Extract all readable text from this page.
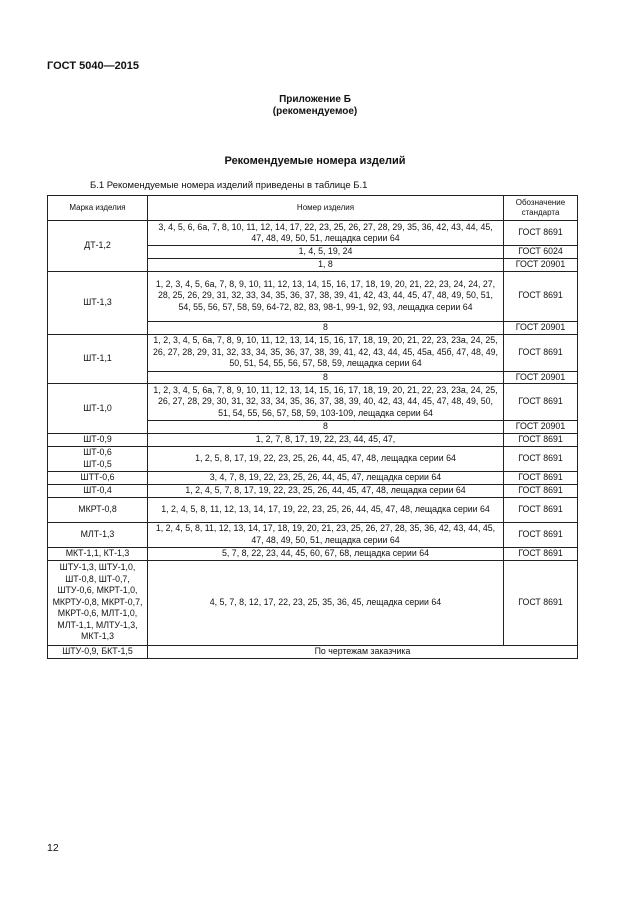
ГОСТ 5040—2015
Приложение Б
(рекомендуемое)
Рекомендуемые номера изделий
Б.1 Рекомендуемые номера изделий приведены в таблице Б.1
Марка изделия	Номер изделия	Обозначение стандарта
ДТ-1,2	3, 4, 5, 6, 6а, 7, 8, 10, 11, 12, 14, 17, 22, 23, 25, 26, 27, 28, 29, 35, 36, 42, 43, 44, 45, 47, 48, 49, 50, 51, лещадка серии 64	ГОСТ 8691
	1, 4, 5, 19, 24	ГОСТ 6024
	1, 8	ГОСТ 20901
ШТ-1,3	1, 2, 3, 4, 5, 6а, 7, 8, 9, 10, 11, 12, 13, 14, 15, 16, 17, 18, 19, 20, 21, 22, 23, 24, 24, 27, 28, 25, 26, 29, 31, 32, 33, 34, 35, 36, 37, 38, 39, 41, 42, 43, 44, 45, 47, 48, 49, 50, 51, 54, 55, 56, 57, 58, 59, 64-72, 82, 83, 98-1, 99-1, 92, 93, лещадка серии 64	ГОСТ 8691
	8	ГОСТ 20901
ШТ-1,1	1, 2, 3, 4, 5, 6а, 7, 8, 9, 10, 11, 12, 13, 14, 15, 16, 17, 18, 19, 20, 21, 22, 23, 23а, 24, 25, 26, 27, 28, 29, 31, 32, 33, 34, 35, 36, 37, 38, 39, 41, 42, 43, 44, 45, 45а, 45б, 47, 48, 49, 50, 51, 54, 55, 56, 57, 58, 59, лещадка серии 64	ГОСТ 8691
	8	ГОСТ 20901
ШТ-1,0	1, 2, 3, 4, 5, 6а, 7, 8, 9, 10, 11, 12, 13, 14, 15, 16, 17, 18, 19, 20, 21, 22, 23, 23а, 24, 25, 26, 27, 28, 29, 30, 31, 32, 33, 34, 35, 36, 37, 38, 39, 40, 42, 43, 44, 45, 47, 48, 49, 50, 51, 54, 55, 56, 57, 58, 59, 103-109, лещадка серии 64	ГОСТ 8691
	8	ГОСТ 20901
ШТ-0,9	1, 2, 7, 8, 17, 19, 22, 23, 44, 45, 47,	ГОСТ 8691
ШТ-0,6 ШТ-0,5	1, 2, 5, 8, 17, 19, 22, 23, 25, 26, 44, 45, 47, 48, лещадка серии 64	ГОСТ 8691
ШТТ-0,6	3, 4, 7, 8, 19, 22, 23, 25, 26, 44, 45, 47, лещадка серии 64	ГОСТ 8691
ШТ-0,4	1, 2, 4, 5, 7, 8, 17, 19, 22, 23, 25, 26, 44, 45, 47, 48, лещадка серии 64	ГОСТ 8691
МКРТ-0,8	1, 2, 4, 5, 8, 11, 12, 13, 14, 17, 19, 22, 23, 25, 26, 44, 45, 47, 48, лещадка серии 64	ГОСТ 8691
МЛТ-1,3	1, 2, 4, 5, 8, 11, 12, 13, 14, 17, 18, 19, 20, 21, 23, 25, 26, 27, 28, 35, 36, 42, 43, 44, 45, 47, 48, 49, 50, 51, лещадка серии 64	ГОСТ 8691
МКТ-1,1, КТ-1,3	5, 7, 8, 22, 23, 44, 45, 60, 67, 68, лещадка серии 64	ГОСТ 8691
ШТУ-1,3, ШТУ-1,0, ШТ-0,8, ШТ-0,7, ШТУ-0,6, МКРТ-1,0, МКРТУ-0,8, МКРТ-0,7, МКРТ-0,6, МЛТ-1,0, МЛТ-1,1, МЛТУ-1,3, МКТ-1,3	4, 5, 7, 8, 12, 17, 22, 23, 25, 35, 36, 45, лещадка серии 64	ГОСТ 8691
ШТУ-0,9, БКТ-1,5	По чертежам заказчика	
12
